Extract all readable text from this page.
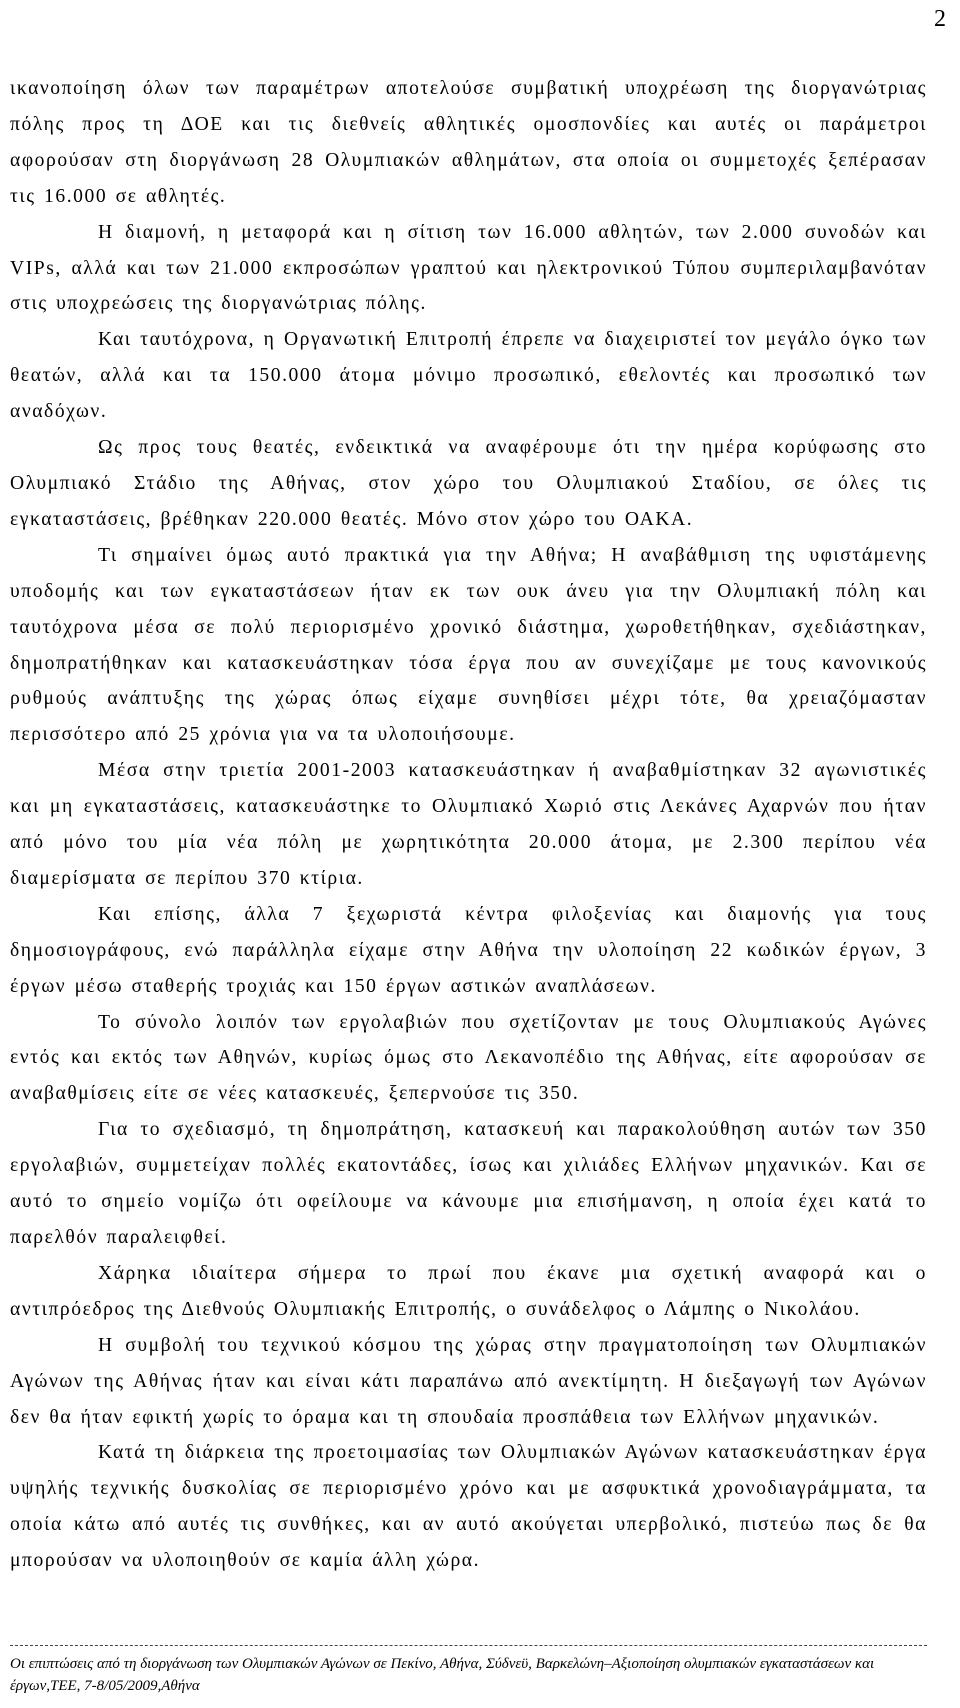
2

ικανοποίηση όλων των παραμέτρων αποτελούσε συμβατική υποχρέωση της διοργανώτριας πόλης προς τη ΔΟΕ και τις διεθνείς αθλητικές ομοσπονδίες και αυτές οι παράμετροι αφορούσαν στη διοργάνωση 28 Ολυμπιακών αθλημάτων, στα οποία οι συμμετοχές ξεπέρασαν τις 16.000 σε αθλητές.

Η διαμονή, η μεταφορά και η σίτιση των 16.000 αθλητών, των 2.000 συνοδών και VIPs, αλλά και των 21.000 εκπροσώπων γραπτού και ηλεκτρονικού Τύπου συμπεριλαμβανόταν στις υποχρεώσεις της διοργανώτριας πόλης.

Και ταυτόχρονα, η Οργανωτική Επιτροπή έπρεπε να διαχειριστεί τον μεγάλο όγκο των θεατών, αλλά και τα 150.000 άτομα μόνιμο προσωπικό, εθελοντές και προσωπικό των αναδόχων.

Ως προς τους θεατές, ενδεικτικά να αναφέρουμε ότι την ημέρα κορύφωσης στο Ολυμπιακό Στάδιο της Αθήνας, στον χώρο του Ολυμπιακού Σταδίου, σε όλες τις εγκαταστάσεις, βρέθηκαν 220.000 θεατές. Μόνο στον χώρο του ΟΑΚΑ.

Τι σημαίνει όμως αυτό πρακτικά για την Αθήνα; Η αναβάθμιση της υφιστάμενης υποδομής και των εγκαταστάσεων ήταν εκ των ουκ άνευ για την Ολυμπιακή πόλη και ταυτόχρονα μέσα σε πολύ περιορισμένο χρονικό διάστημα, χωροθετήθηκαν, σχεδιάστηκαν, δημοπρατήθηκαν και κατασκευάστηκαν τόσα έργα που αν συνεχίζαμε με τους κανονικούς ρυθμούς ανάπτυξης της χώρας όπως είχαμε συνηθίσει μέχρι τότε, θα χρειαζόμασταν περισσότερο από 25 χρόνια για να τα υλοποιήσουμε.

Μέσα στην τριετία 2001-2003 κατασκευάστηκαν ή αναβαθμίστηκαν 32 αγωνιστικές και μη εγκαταστάσεις, κατασκευάστηκε το Ολυμπιακό Χωριό στις Λεκάνες Αχαρνών που ήταν από μόνο του μία νέα πόλη με χωρητικότητα 20.000 άτομα, με 2.300 περίπου νέα διαμερίσματα σε περίπου 370 κτίρια.

Και επίσης, άλλα 7 ξεχωριστά κέντρα φιλοξενίας και διαμονής για τους δημοσιογράφους, ενώ παράλληλα είχαμε στην Αθήνα την υλοποίηση 22 κωδικών έργων, 3 έργων μέσω σταθερής τροχιάς και 150 έργων αστικών αναπλάσεων.

Το σύνολο λοιπόν των εργολαβιών που σχετίζονταν με τους Ολυμπιακούς Αγώνες εντός και εκτός των Αθηνών, κυρίως όμως στο Λεκανοπέδιο της Αθήνας, είτε αφορούσαν σε αναβαθμίσεις είτε σε νέες κατασκευές, ξεπερνούσε τις 350.

Για το σχεδιασμό, τη δημοπράτηση, κατασκευή και παρακολούθηση αυτών των 350 εργολαβιών, συμμετείχαν πολλές εκατοντάδες, ίσως και χιλιάδες Ελλήνων μηχανικών. Και σε αυτό το σημείο νομίζω ότι οφείλουμε να κάνουμε μια επισήμανση, η οποία έχει κατά το παρελθόν παραλειφθεί.

Χάρηκα ιδιαίτερα σήμερα το πρωί που έκανε μια σχετική αναφορά και ο αντιπρόεδρος της Διεθνούς Ολυμπιακής Επιτροπής, ο συνάδελφος ο Λάμπης ο Νικολάου.

Η συμβολή του τεχνικού κόσμου της χώρας στην πραγματοποίηση των Ολυμπιακών Αγώνων της Αθήνας ήταν και είναι κάτι παραπάνω από ανεκτίμητη. Η διεξαγωγή των Αγώνων δεν θα ήταν εφικτή χωρίς το όραμα και τη σπουδαία προσπάθεια των Ελλήνων μηχανικών.

Κατά τη διάρκεια της προετοιμασίας των Ολυμπιακών Αγώνων κατασκευάστηκαν έργα υψηλής τεχνικής δυσκολίας σε περιορισμένο χρόνο και με ασφυκτικά χρονοδιαγράμματα, τα οποία κάτω από αυτές τις συνθήκες, και αν αυτό ακούγεται υπερβολικό, πιστεύω πως δε θα μπορούσαν να υλοποιηθούν σε καμία άλλη χώρα.

Οι επιπτώσεις από τη διοργάνωση των Ολυμπιακών Αγώνων σε Πεκίνο, Αθήνα, Σύδνεϋ, Βαρκελώνη–Αξιοποίηση ολυμπιακών εγκαταστάσεων και έργων,ΤΕΕ, 7-8/05/2009,Αθήνα
